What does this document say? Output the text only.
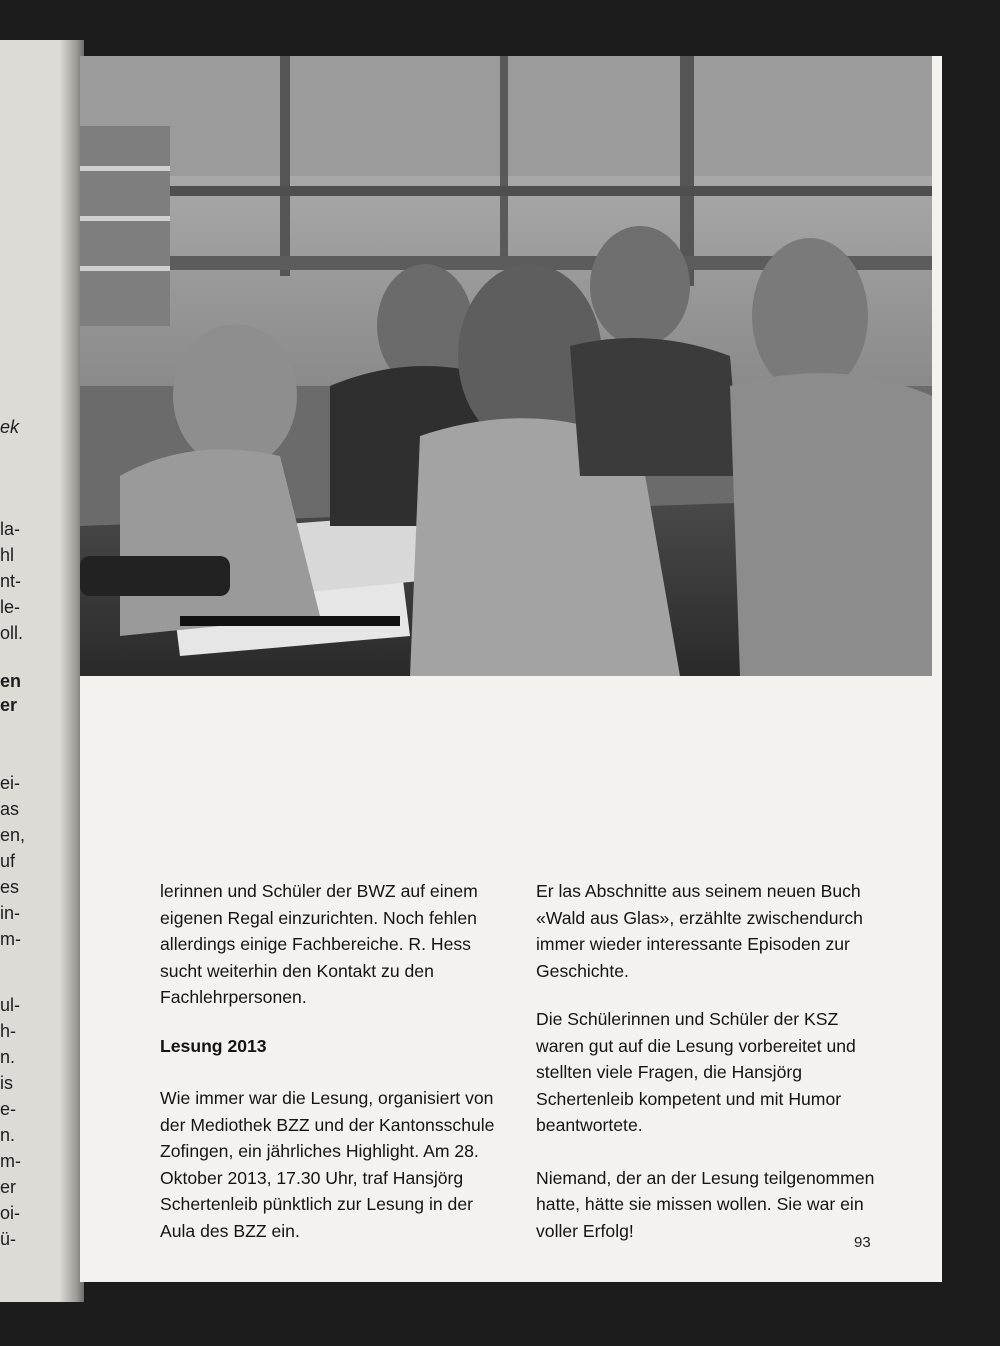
ek
la-
hl
nt-
le-
oll.
en
er
ei-
as
en,
uf
es
in-
m-
ul-
h-
n.
is
e-
n.
m-
er
oi-
ü-

lerinnen und Schüler der BWZ auf einem eigenen Regal einzurichten. Noch fehlen allerdings einige Fachbereiche. R. Hess sucht weiterhin den Kontakt zu den Fachlehrpersonen.

Lesung 2013

Wie immer war die Lesung, organisiert von der Mediothek BZZ und der Kantonsschule Zofingen, ein jährliches Highlight. Am 28. Oktober 2013, 17.30 Uhr, traf Hansjörg Schertenleib pünktlich zur Lesung in der Aula des BZZ ein.

Er las Abschnitte aus seinem neuen Buch «Wald aus Glas», erzählte zwischendurch immer wieder interessante Episoden zur Geschichte.

Die Schülerinnen und Schüler der KSZ waren gut auf die Lesung vorbereitet und stellten viele Fragen, die Hansjörg Schertenleib kompetent und mit Humor beantwortete.

Niemand, der an der Lesung teilgenommen hatte, hätte sie missen wollen. Sie war ein voller Erfolg!

93
